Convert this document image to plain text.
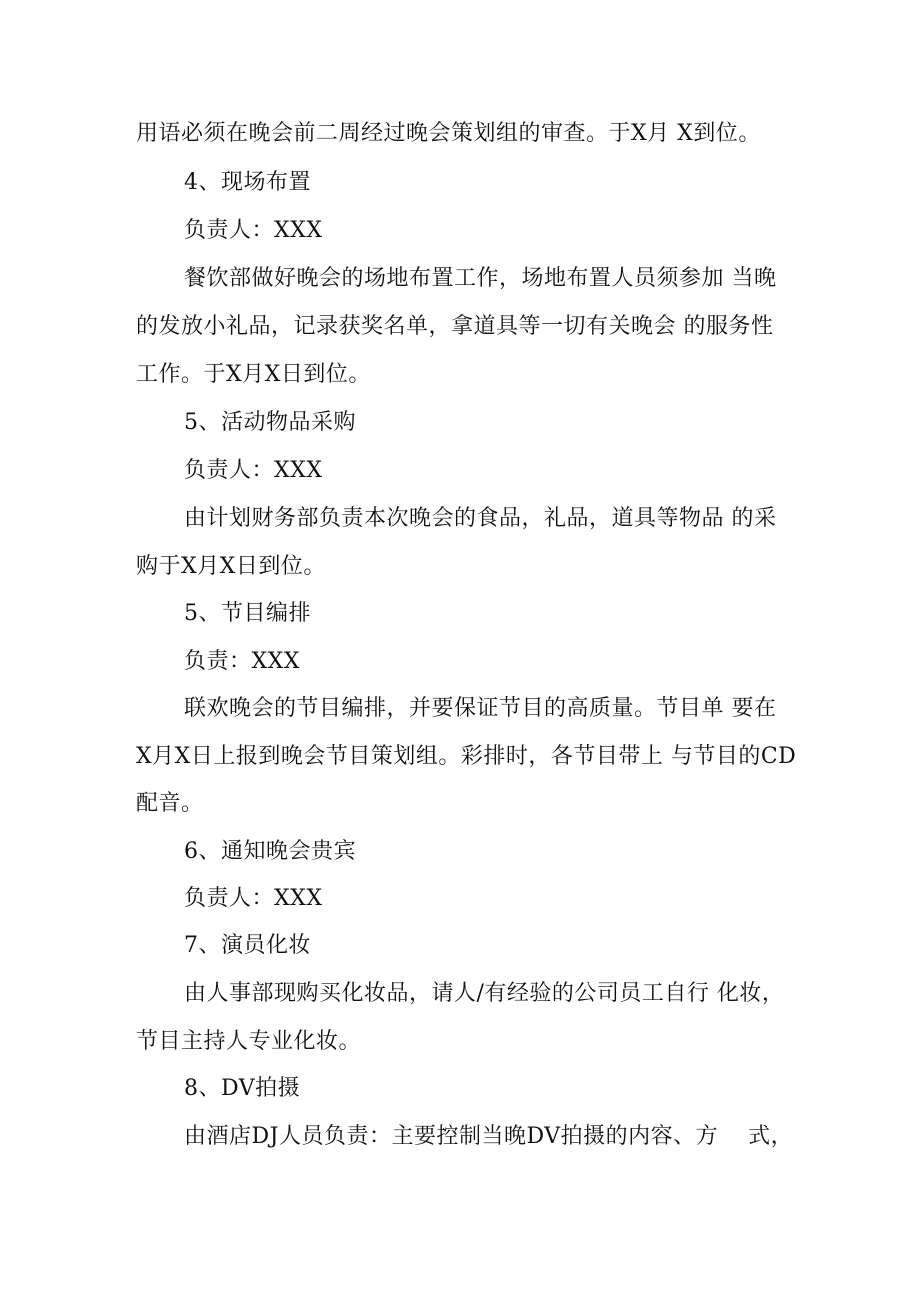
用语必须在晚会前二周经过晚会策划组的审查。于X月 X到位。
4、现场布置
负责人：XXX
餐饮部做好晚会的场地布置工作，场地布置人员须参加 当晚
的发放小礼品，记录获奖名单，拿道具等一切有关晚会 的服务性
工作。于X月X日到位。
5、活动物品采购
负责人：XXX
由计划财务部负责本次晚会的食品，礼品，道具等物品 的采
购于X月X日到位。
5、节目编排
负责：XXX
联欢晚会的节目编排，并要保证节目的高质量。节目单 要在
X月X日上报到晚会节目策划组。彩排时，各节目带上 与节目的CD
配音。
6、通知晚会贵宾
负责人：XXX
7、演员化妆
由人事部现购买化妆品，请人/有经验的公司员工自行 化妆，
节目主持人专业化妆。
8、DV拍摄
由酒店DJ人员负责：主要控制当晚DV拍摄的内容、方　 式，
